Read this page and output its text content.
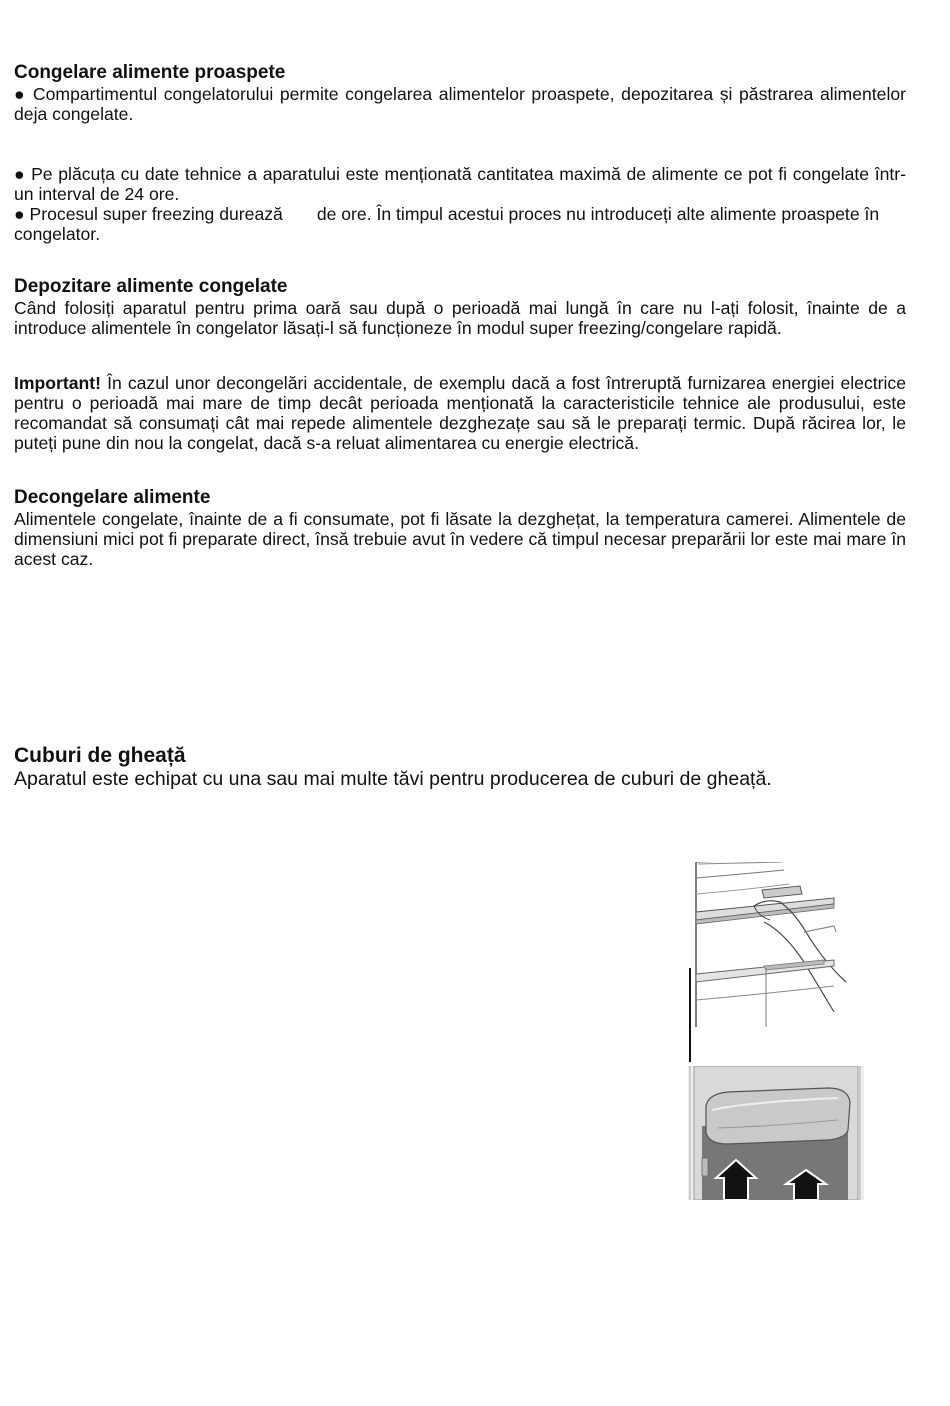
Congelare alimente proaspete
● Compartimentul congelatorului permite congelarea alimentelor proaspete, depozitarea și păstrarea alimentelor deja congelate.
● Pe plăcuța cu date tehnice a aparatului este menționată cantitatea maximă de alimente ce pot fi congelate într-un interval de 24 ore.
● Procesul super freezing durează de ore. În timpul acestui proces nu introduceți alte alimente proaspete în congelator.
Depozitare alimente congelate
Când folosiți aparatul pentru prima oară sau după o perioadă mai lungă în care nu l-ați folosit, înainte de a introduce alimentele în congelator lăsați-l să funcționeze în modul super freezing/congelare rapidă.
Important! În cazul unor decongelări accidentale, de exemplu dacă a fost întreruptă furnizarea energiei electrice pentru o perioadă mai mare de timp decât perioada menționată la caracteristicile tehnice ale produsului, este recomandat să consumați cât mai repede alimentele dezghezațe sau să le preparați termic. După răcirea lor, le puteți pune din nou la congelat, dacă s-a reluat alimentarea cu energie electrică.
Decongelare alimente
Alimentele congelate, înainte de a fi consumate, pot fi lăsate la dezghețat, la temperatura camerei. Alimentele de dimensiuni mici pot fi preparate direct, însă trebuie avut în vedere că timpul necesar preparării lor este mai mare în acest caz.
Cuburi de gheață
Aparatul este echipat cu una sau mai multe tăvi pentru producerea de cuburi de gheață.
